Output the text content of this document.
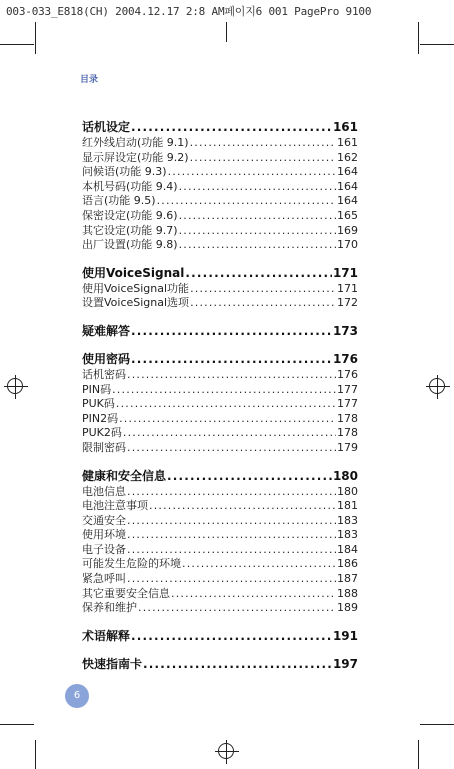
003-033_E818(CH) 2004.12.17 2:8 AM페이지6 001 PagePro 9100
目录
话机设定 .....	161
红外线启动(功能 9.1) .....	161
显示屏设定(功能 9.2) .....	162
问候语(功能 9.3) .....	164
本机号码(功能 9.4) .....	164
语言(功能 9.5) .....	164
保密设定(功能 9.6) .....	165
其它设定(功能 9.7) .....	169
出厂设置(功能 9.8) .....	170
使用VoiceSignal .....	171
使用VoiceSignal功能 .....	171
设置VoiceSignal选项 .....	172
疑难解答 .....	173
使用密码 .....	176
话机密码 .....	176
PIN码 .....	177
PUK码 .....	177
PIN2码 .....	178
PUK2码 .....	178
限制密码 .....	179
健康和安全信息 .....	180
电池信息 .....	180
电池注意事项 .....	181
交通安全 .....	183
使用环境 .....	183
电子设备 .....	184
可能发生危险的环境 .....	186
紧急呼叫 .....	187
其它重要安全信息 .....	188
保养和维护 .....	189
术语解释 .....	191
快速指南卡 .....	197
6
